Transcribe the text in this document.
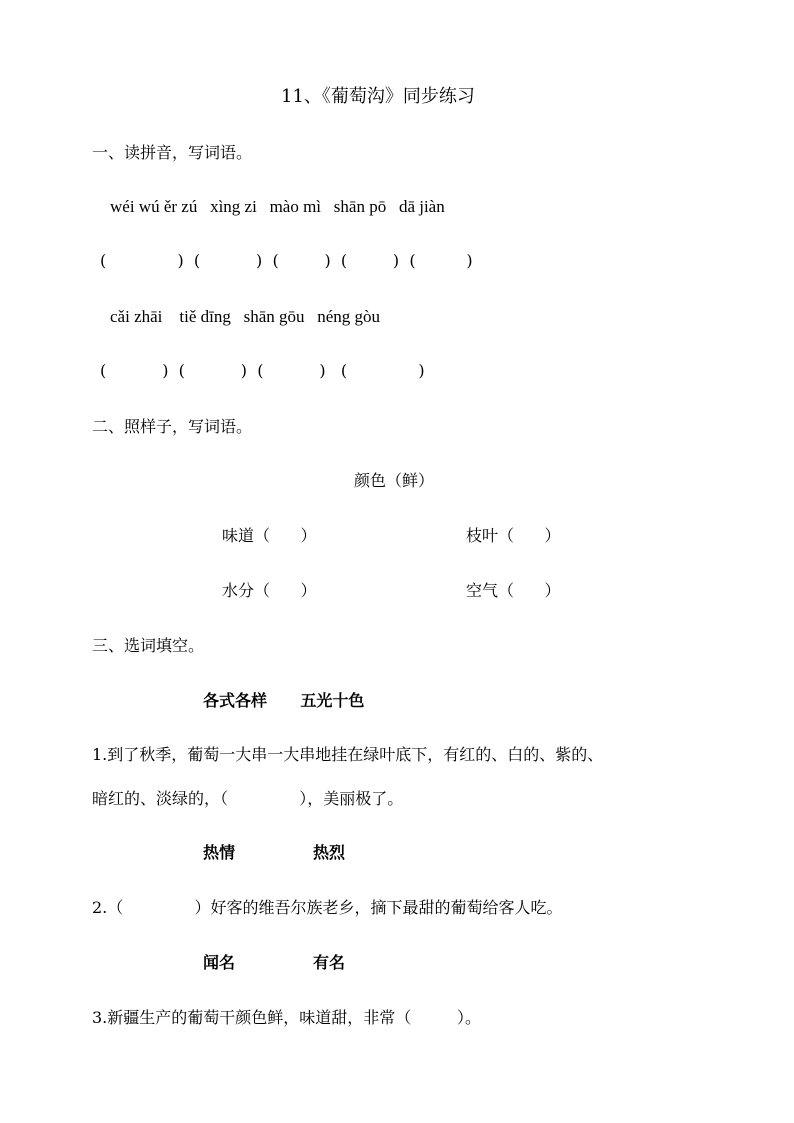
11、《葡萄沟》同步练习
一、读拼音，写词语。
wéi wú ěr zú   xìng zi   mào mì   shān pō   dā jiàn
(              )  (           )  (         )  (         )  (          )
cǎi zhāi    tiě dīng   shān gōu   néng gòu
(           )  (           )  (           )   (              )
二、照样子，写词语。
颜色（鲜）
味道（      ）	枝叶（      ）
水分（      ）	空气（      ）
三、选词填空。
各式各样      五光十色
1.到了秋季，葡萄一大串一大串地挂在绿叶底下，有红的、白的、紫的、
暗红的、淡绿的，（              ），美丽极了。
热情              热烈
2.（              ）好客的维吾尔族老乡，摘下最甜的葡萄给客人吃。
闻名              有名
3.新疆生产的葡萄干颜色鲜，味道甜，非常（         ）。
